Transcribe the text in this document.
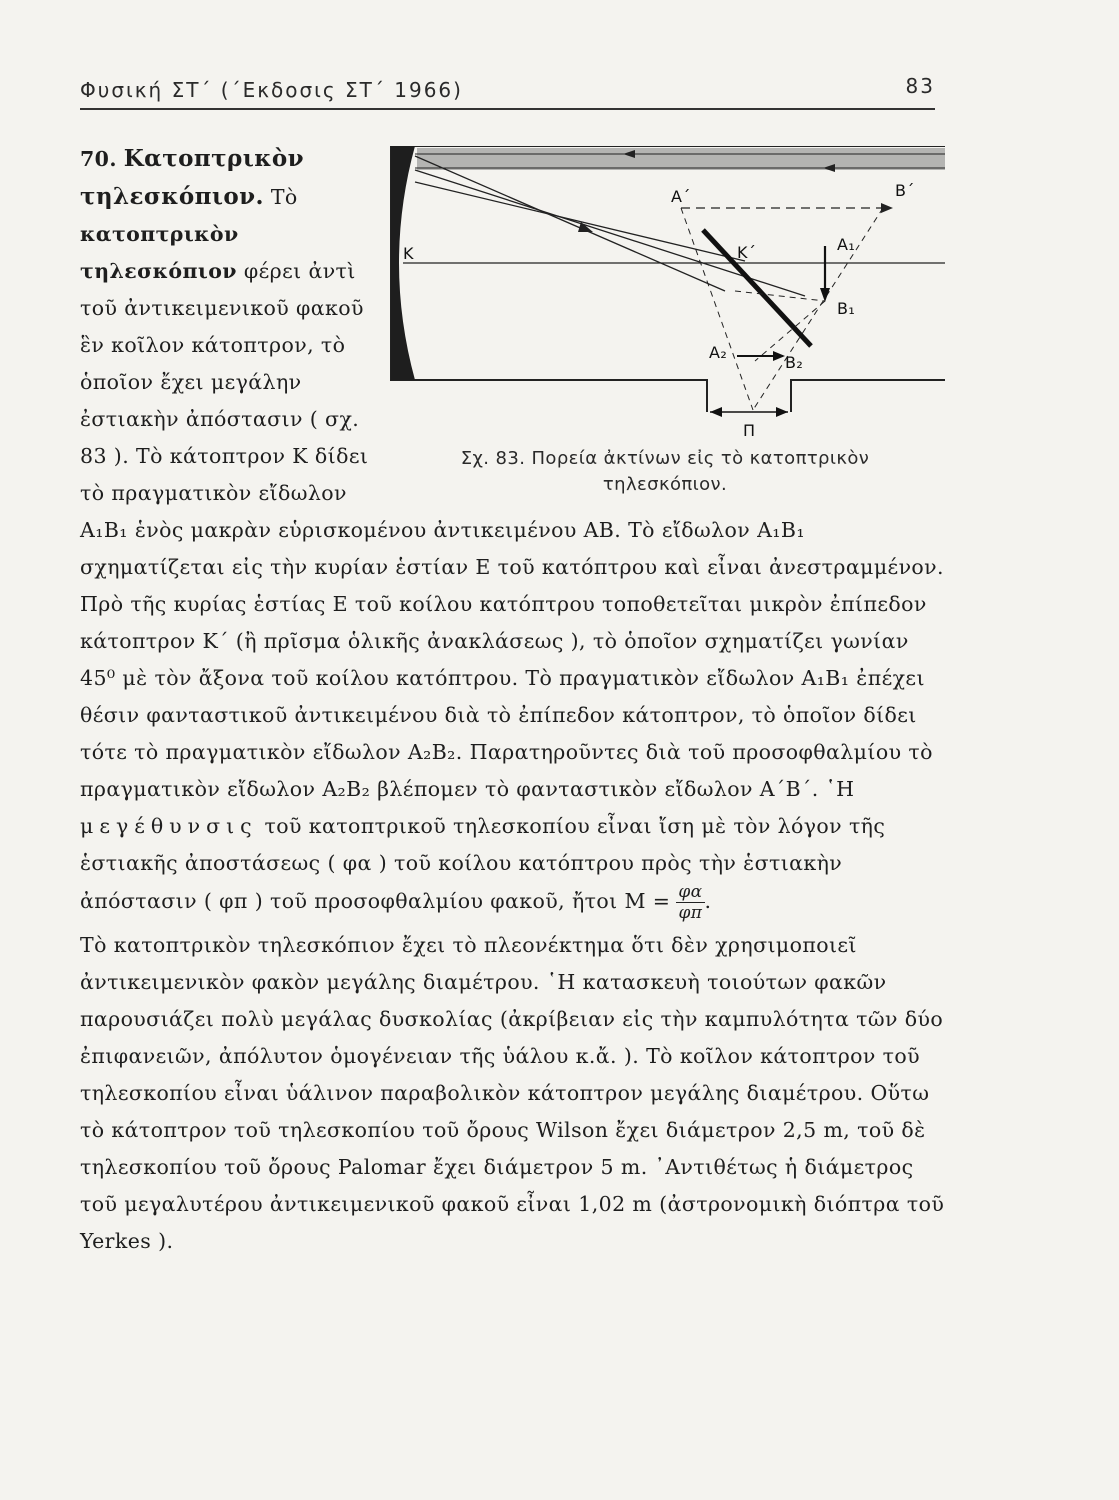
Φυσική ΣΤ΄ (΄Εκδοσις ΣΤ΄ 1966)	83
K
A΄	B΄
K΄	A₁
B₁
A₂
B₂
Π
Σχ. 83. Πορεία ἀκτίνων εἰς τὸ κατοπτρικὸν τηλεσκόπιον.

70. Κατοπτρικὸν τηλεσκόπιον. Τὸ κατοπτρικὸν τηλεσκόπιον φέρει ἀντὶ τοῦ ἀντικειμενικοῦ φακοῦ ἓν κοῖλον κάτοπτρον, τὸ ὁποῖον ἔχει μεγάλην ἐστιακὴν ἀπόστασιν ( σχ. 83 ). Τὸ κάτοπτρον Κ δίδει τὸ πραγματικὸν εἴδωλον A₁B₁ ἑνὸς μακρὰν εὑρισκομένου ἀντικειμένου ΑΒ. Τὸ εἴδωλον A₁B₁ σχηματίζεται εἰς τὴν κυρίαν ἑστίαν Ε τοῦ κατόπτρου καὶ εἶναι ἀνεστραμμένον. Πρὸ τῆς κυρίας ἑστίας Ε τοῦ κοίλου κατόπτρου τοποθετεῖται μικρὸν ἐπίπεδον κάτοπτρον Κ΄ (ἢ πρῖσμα ὁλικῆς ἀνακλάσεως ), τὸ ὁποῖον σχηματίζει γωνίαν 45⁰ μὲ τὸν ἄξονα τοῦ κοίλου κατόπτρου. Τὸ πραγματικὸν εἴδωλον A₁B₁ ἐπέχει θέσιν φανταστικοῦ ἀντικειμένου διὰ τὸ ἐπίπεδον κάτοπτρον, τὸ ὁποῖον δίδει τότε τὸ πραγματικὸν εἴδωλον A₂B₂. Παρατηροῦντες διὰ τοῦ προσοφθαλμίου τὸ πραγματικὸν εἴδωλον A₂B₂ βλέπομεν τὸ φανταστικὸν εἴδωλον A΄B΄. ῾Η μεγέθυνσις τοῦ κατοπτρικοῦ τηλεσκοπίου εἶναι ἴση μὲ τὸν λόγον τῆς ἑστιακῆς ἀποστάσεως ( φα ) τοῦ κοίλου κατόπτρου πρὸς τὴν ἑστιακὴν ἀπόστασιν ( φπ ) τοῦ προσοφθαλμίου φακοῦ, ἤτοι $M = \frac{\varphi\alpha}{\varphi\pi}$ .

Τὸ κατοπτρικὸν τηλεσκόπιον ἔχει τὸ πλεονέκτημα ὅτι δὲν χρησιμοποιεῖ ἀντικειμενικὸν φακὸν μεγάλης διαμέτρου. ῾Η κατασκευὴ τοιούτων φακῶν παρουσιάζει πολὺ μεγάλας δυσκολίας (ἀκρίβειαν εἰς τὴν καμπυλότητα τῶν δύο ἐπιφανειῶν, ἀπόλυτον ὁμογένειαν τῆς ὑάλου κ.ἄ. ). Τὸ κοῖλον κάτοπτρον τοῦ τηλεσκοπίου εἶναι ὑάλινον παραβολικὸν κάτοπτρον μεγάλης διαμέτρου. Οὕτω τὸ κάτοπτρον τοῦ τηλεσκοπίου τοῦ ὄρους Wilson ἔχει διάμετρον 2,5 m, τοῦ δὲ τηλεσκοπίου τοῦ ὄρους Palomar ἔχει διάμετρον 5 m. ᾿Αντιθέτως ἡ διάμετρος τοῦ μεγαλυτέρου ἀντικειμενικοῦ φακοῦ εἶναι 1,02 m (ἀστρονομικὴ διόπτρα τοῦ Yerkes ).
